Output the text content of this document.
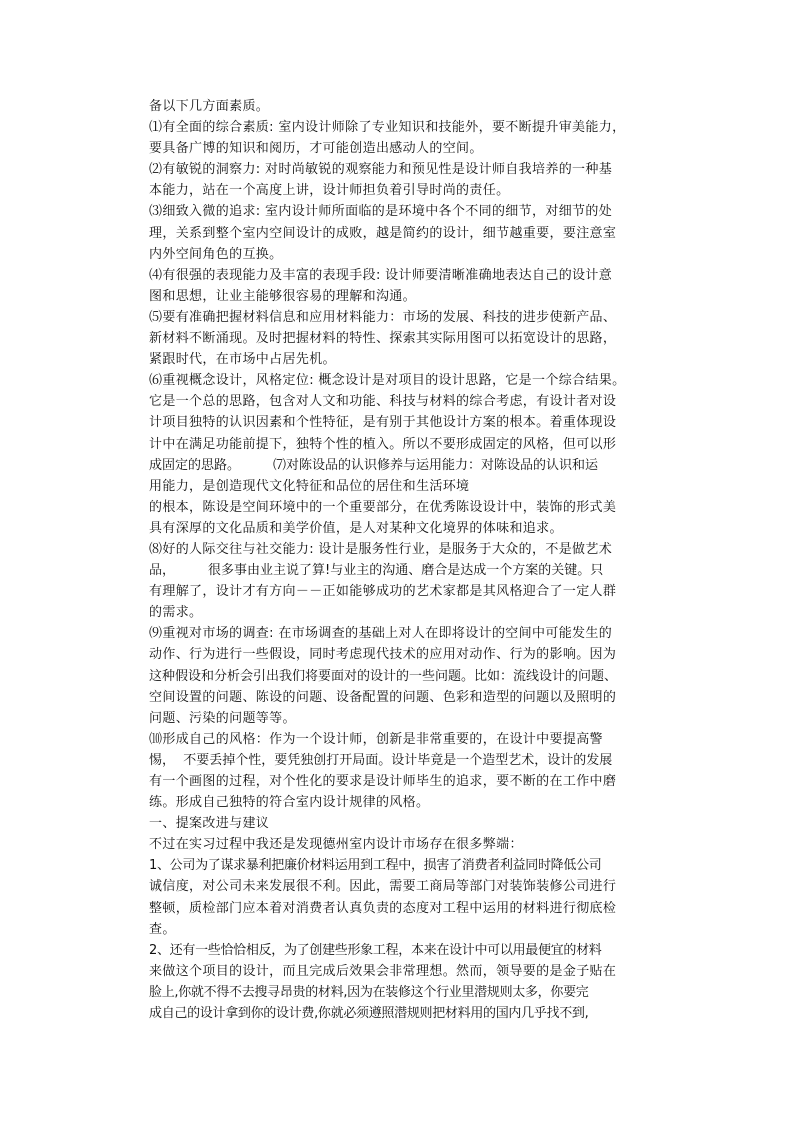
备以下几方面素质。
⑴有全面的综合素质: 室内设计师除了专业知识和技能外，要不断提升审美能力，
要具备广博的知识和阅历，才可能创造出感动人的空间。
⑵有敏锐的洞察力: 对时尚敏锐的观察能力和预见性是设计师自我培养的一种基
本能力，站在一个高度上讲，设计师担负着引导时尚的责任。
⑶细致入微的追求: 室内设计师所面临的是环境中各个不同的细节，对细节的处
理，关系到整个室内空间设计的成败，越是简约的设计，细节越重要，要注意室
内外空间角色的互换。
⑷有很强的表现能力及丰富的表现手段: 设计师要清晰准确地表达自己的设计意
图和思想，让业主能够很容易的理解和沟通。
⑸要有准确把握材料信息和应用材料能力：市场的发展、科技的进步使新产品、
新材料不断涌现。及时把握材料的特性、探索其实际用图可以拓宽设计的思路，
紧跟时代，在市场中占居先机。
⑹重视概念设计，风格定位: 概念设计是对项目的设计思路，它是一个综合结果。
它是一个总的思路，包含对人文和功能、科技与材料的综合考虑，有设计者对设
计项目独特的认识因素和个性特征，是有别于其他设计方案的根本。着重体现设
计中在满足功能前提下，独特个性的植入。所以不要形成固定的风格，但可以形
成固定的思路。        ⑺对陈设品的认识修养与运用能力：对陈设品的认识和运
用能力，是创造现代文化特征和品位的居住和生活环境
的根本，陈设是空间环境中的一个重要部分，在优秀陈设设计中，装饰的形式美
具有深厚的文化品质和美学价值，是人对某种文化境界的体味和追求。
⑻好的人际交往与社交能力: 设计是服务性行业，是服务于大众的，不是做艺术
品，        很多事由业主说了算!与业主的沟通、磨合是达成一个方案的关键。只
有理解了，设计才有方向－－正如能够成功的艺术家都是其风格迎合了一定人群
的需求。
⑼重视对市场的调查: 在市场调查的基础上对人在即将设计的空间中可能发生的
动作、行为进行一些假设，同时考虑现代技术的应用对动作、行为的影响。因为
这种假设和分析会引出我们将要面对的设计的一些问题。比如：流线设计的问题、
空间设置的问题、陈设的问题、设备配置的问题、色彩和造型的问题以及照明的
问题、污染的问题等等。
⑽形成自己的风格：作为一个设计师，创新是非常重要的，在设计中要提高警
惕，  不要丢掉个性，要凭独创打开局面。设计毕竟是一个造型艺术，设计的发展
有一个画图的过程，对个性化的要求是设计师毕生的追求，要不断的在工作中磨
练。形成自己独特的符合室内设计规律的风格。
一、提案改进与建议
不过在实习过程中我还是发现德州室内设计市场存在很多弊端：
1、公司为了谋求暴利把廉价材料运用到工程中，损害了消费者利益同时降低公司
诚信度，对公司未来发展很不利。因此，需要工商局等部门对装饰装修公司进行
整顿，质检部门应本着对消费者认真负责的态度对工程中运用的材料进行彻底检
查。
2、还有一些恰恰相反，为了创建些形象工程，本来在设计中可以用最便宜的材料
来做这个项目的设计，而且完成后效果会非常理想。然而，领导要的是金子贴在
脸上,你就不得不去搜寻昂贵的材料,因为在装修这个行业里潜规则太多，你要完
成自己的设计拿到你的设计费,你就必须遵照潜规则把材料用的国内几乎找不到,
